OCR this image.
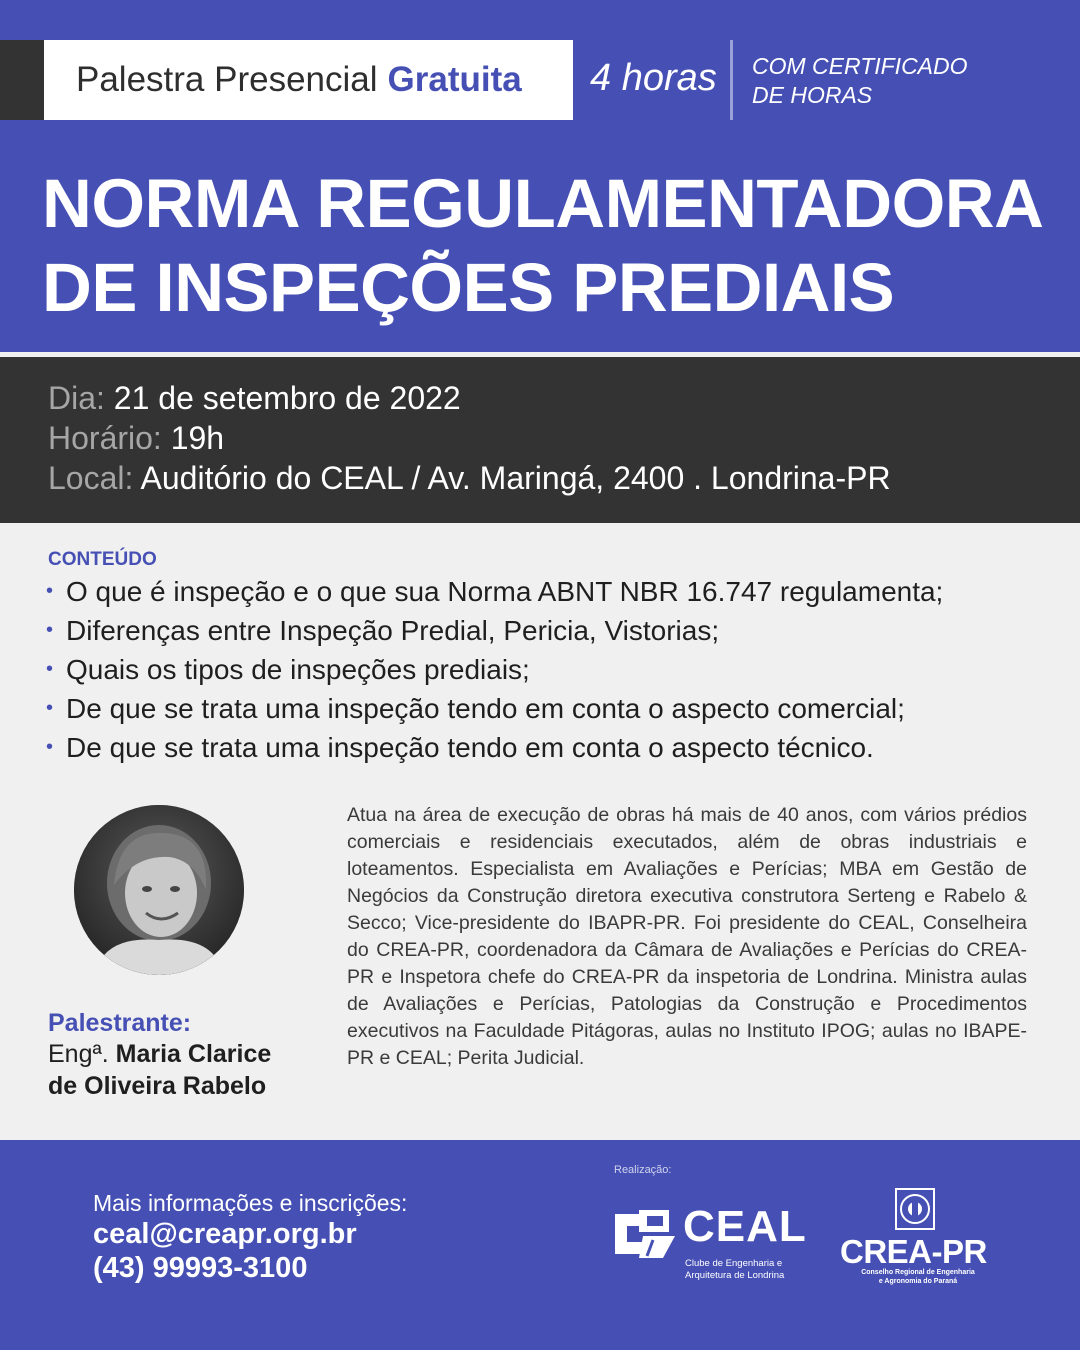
Palestra Presencial Gratuita 4 horas COM CERTIFICADO
DE HORAS
NORMA REGULAMENTADORA
DE INSPEÇÕES PREDIAIS
Dia: 21 de setembro de 2022
Horário: 19h
Local: Auditório do CEAL / Av. Maringá, 2400 . Londrina-PR
CONTEÚDO
• O que é inspeção e o que sua Norma ABNT NBR 16.747 regulamenta;
• Diferenças entre Inspeção Predial, Pericia, Vistorias;
• Quais os tipos de inspeções prediais;
• De que se trata uma inspeção tendo em conta o aspecto comercial;
• De que se trata uma inspeção tendo em conta o aspecto técnico.
Palestrante:
Engª. Maria Clarice
de Oliveira Rabelo

Atua na área de execução de obras há mais de 40 anos, com vários prédios comerciais e residenciais executados, além de obras industriais e loteamentos. Especialista em Avaliações e Perícias; MBA em Gestão de Negócios da Construção diretora executiva construtora Serteng e Rabelo & Secco; Vice-presidente do IBAPR-PR. Foi presidente do CEAL, Conselheira do CREA-PR, coordenadora da Câmara de Avaliações e Perícias do CREA-PR e Inspetora chefe do CREA-PR da inspetoria de Londrina. Ministra aulas de Avaliações e Perícias, Patologias da Construção e Procedimentos executivos na Faculdade Pitágoras, aulas no Instituto IPOG; aulas no IBAPE-PR e CEAL; Perita Judicial.

Mais informações e inscrições:
ceal@creapr.org.br
(43) 99993-3100
Realização:
CEAL
Clube de Engenharia e
Arquitetura de Londrina
CREA-PR
Conselho Regional de Engenharia
e Agronomia do Paraná
